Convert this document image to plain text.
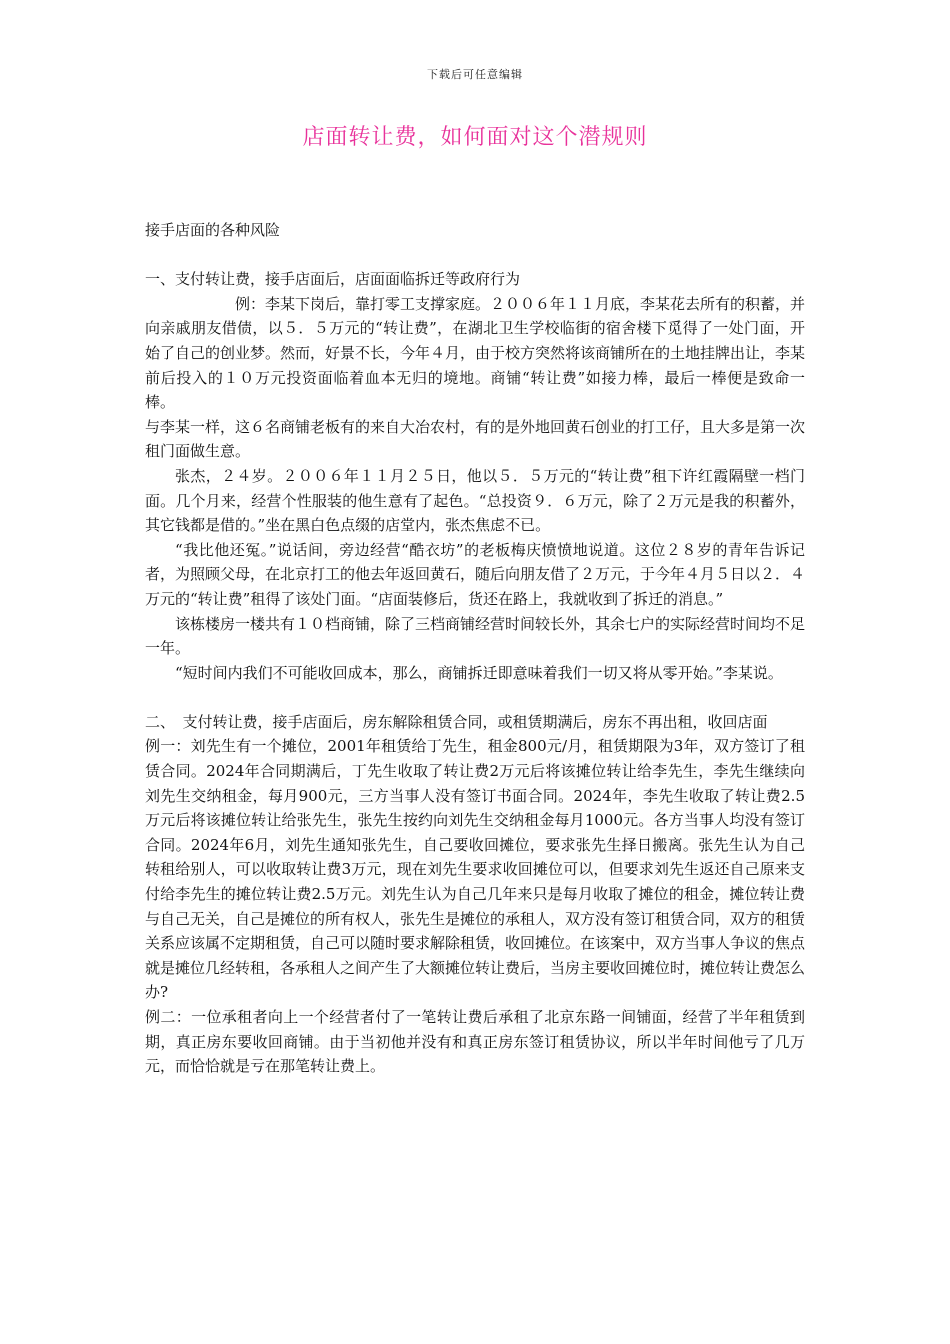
下载后可任意编辑
店面转让费，如何面对这个潜规则

接手店面的各种风险

一、支付转让费，接手店面后，店面面临拆迁等政府行为

例：李某下岗后，靠打零工支撑家庭。２００６年１１月底，李某花去所有的积蓄，并向亲戚朋友借债，以５．５万元的“转让费”，在湖北卫生学校临街的宿舍楼下觅得了一处门面，开始了自己的创业梦。然而，好景不长，今年４月，由于校方突然将该商铺所在的土地挂牌出让，李某前后投入的１０万元投资面临着血本无归的境地。商铺“转让费”如接力棒，最后一棒便是致命一棒。

与李某一样，这６名商铺老板有的来自大冶农村，有的是外地回黄石创业的打工仔，且大多是第一次租门面做生意。

张杰，２４岁。２００６年１１月２５日，他以５．５万元的“转让费”租下许红霞隔壁一档门面。几个月来，经营个性服装的他生意有了起色。“总投资９．６万元，除了２万元是我的积蓄外，其它钱都是借的。”坐在黑白色点缀的店堂内，张杰焦虑不已。

“我比他还冤。”说话间，旁边经营“酷衣坊”的老板梅庆愤愤地说道。这位２８岁的青年告诉记者，为照顾父母，在北京打工的他去年返回黄石，随后向朋友借了２万元，于今年４月５日以２．４万元的“转让费”租得了该处门面。“店面装修后，货还在路上，我就收到了拆迁的消息。”

该栋楼房一楼共有１０档商铺，除了三档商铺经营时间较长外，其余七户的实际经营时间均不足一年。

“短时间内我们不可能收回成本，那么，商铺拆迁即意味着我们一切又将从零开始。”李某说。

二、　支付转让费，接手店面后，房东解除租赁合同，或租赁期满后，房东不再出租，收回店面

例一：刘先生有一个摊位，2001年租赁给丁先生，租金800元/月，租赁期限为3年，双方签订了租赁合同。2024年合同期满后，丁先生收取了转让费2万元后将该摊位转让给李先生，李先生继续向刘先生交纳租金，每月900元，三方当事人没有签订书面合同。2024年，李先生收取了转让费2.5万元后将该摊位转让给张先生，张先生按约向刘先生交纳租金每月1000元。各方当事人均没有签订合同。2024年6月，刘先生通知张先生，自己要收回摊位，要求张先生择日搬离。张先生认为自己转租给别人，可以收取转让费3万元，现在刘先生要求收回摊位可以，但要求刘先生返还自己原来支付给李先生的摊位转让费2.5万元。刘先生认为自己几年来只是每月收取了摊位的租金，摊位转让费与自己无关，自己是摊位的所有权人，张先生是摊位的承租人，双方没有签订租赁合同，双方的租赁关系应该属不定期租赁，自己可以随时要求解除租赁，收回摊位。在该案中，双方当事人争议的焦点就是摊位几经转租，各承租人之间产生了大额摊位转让费后，当房主要收回摊位时，摊位转让费怎么办?

例二：一位承租者向上一个经营者付了一笔转让费后承租了北京东路一间铺面，经营了半年租赁到期，真正房东要收回商铺。由于当初他并没有和真正房东签订租赁协议，所以半年时间他亏了几万元，而恰恰就是亏在那笔转让费上。
